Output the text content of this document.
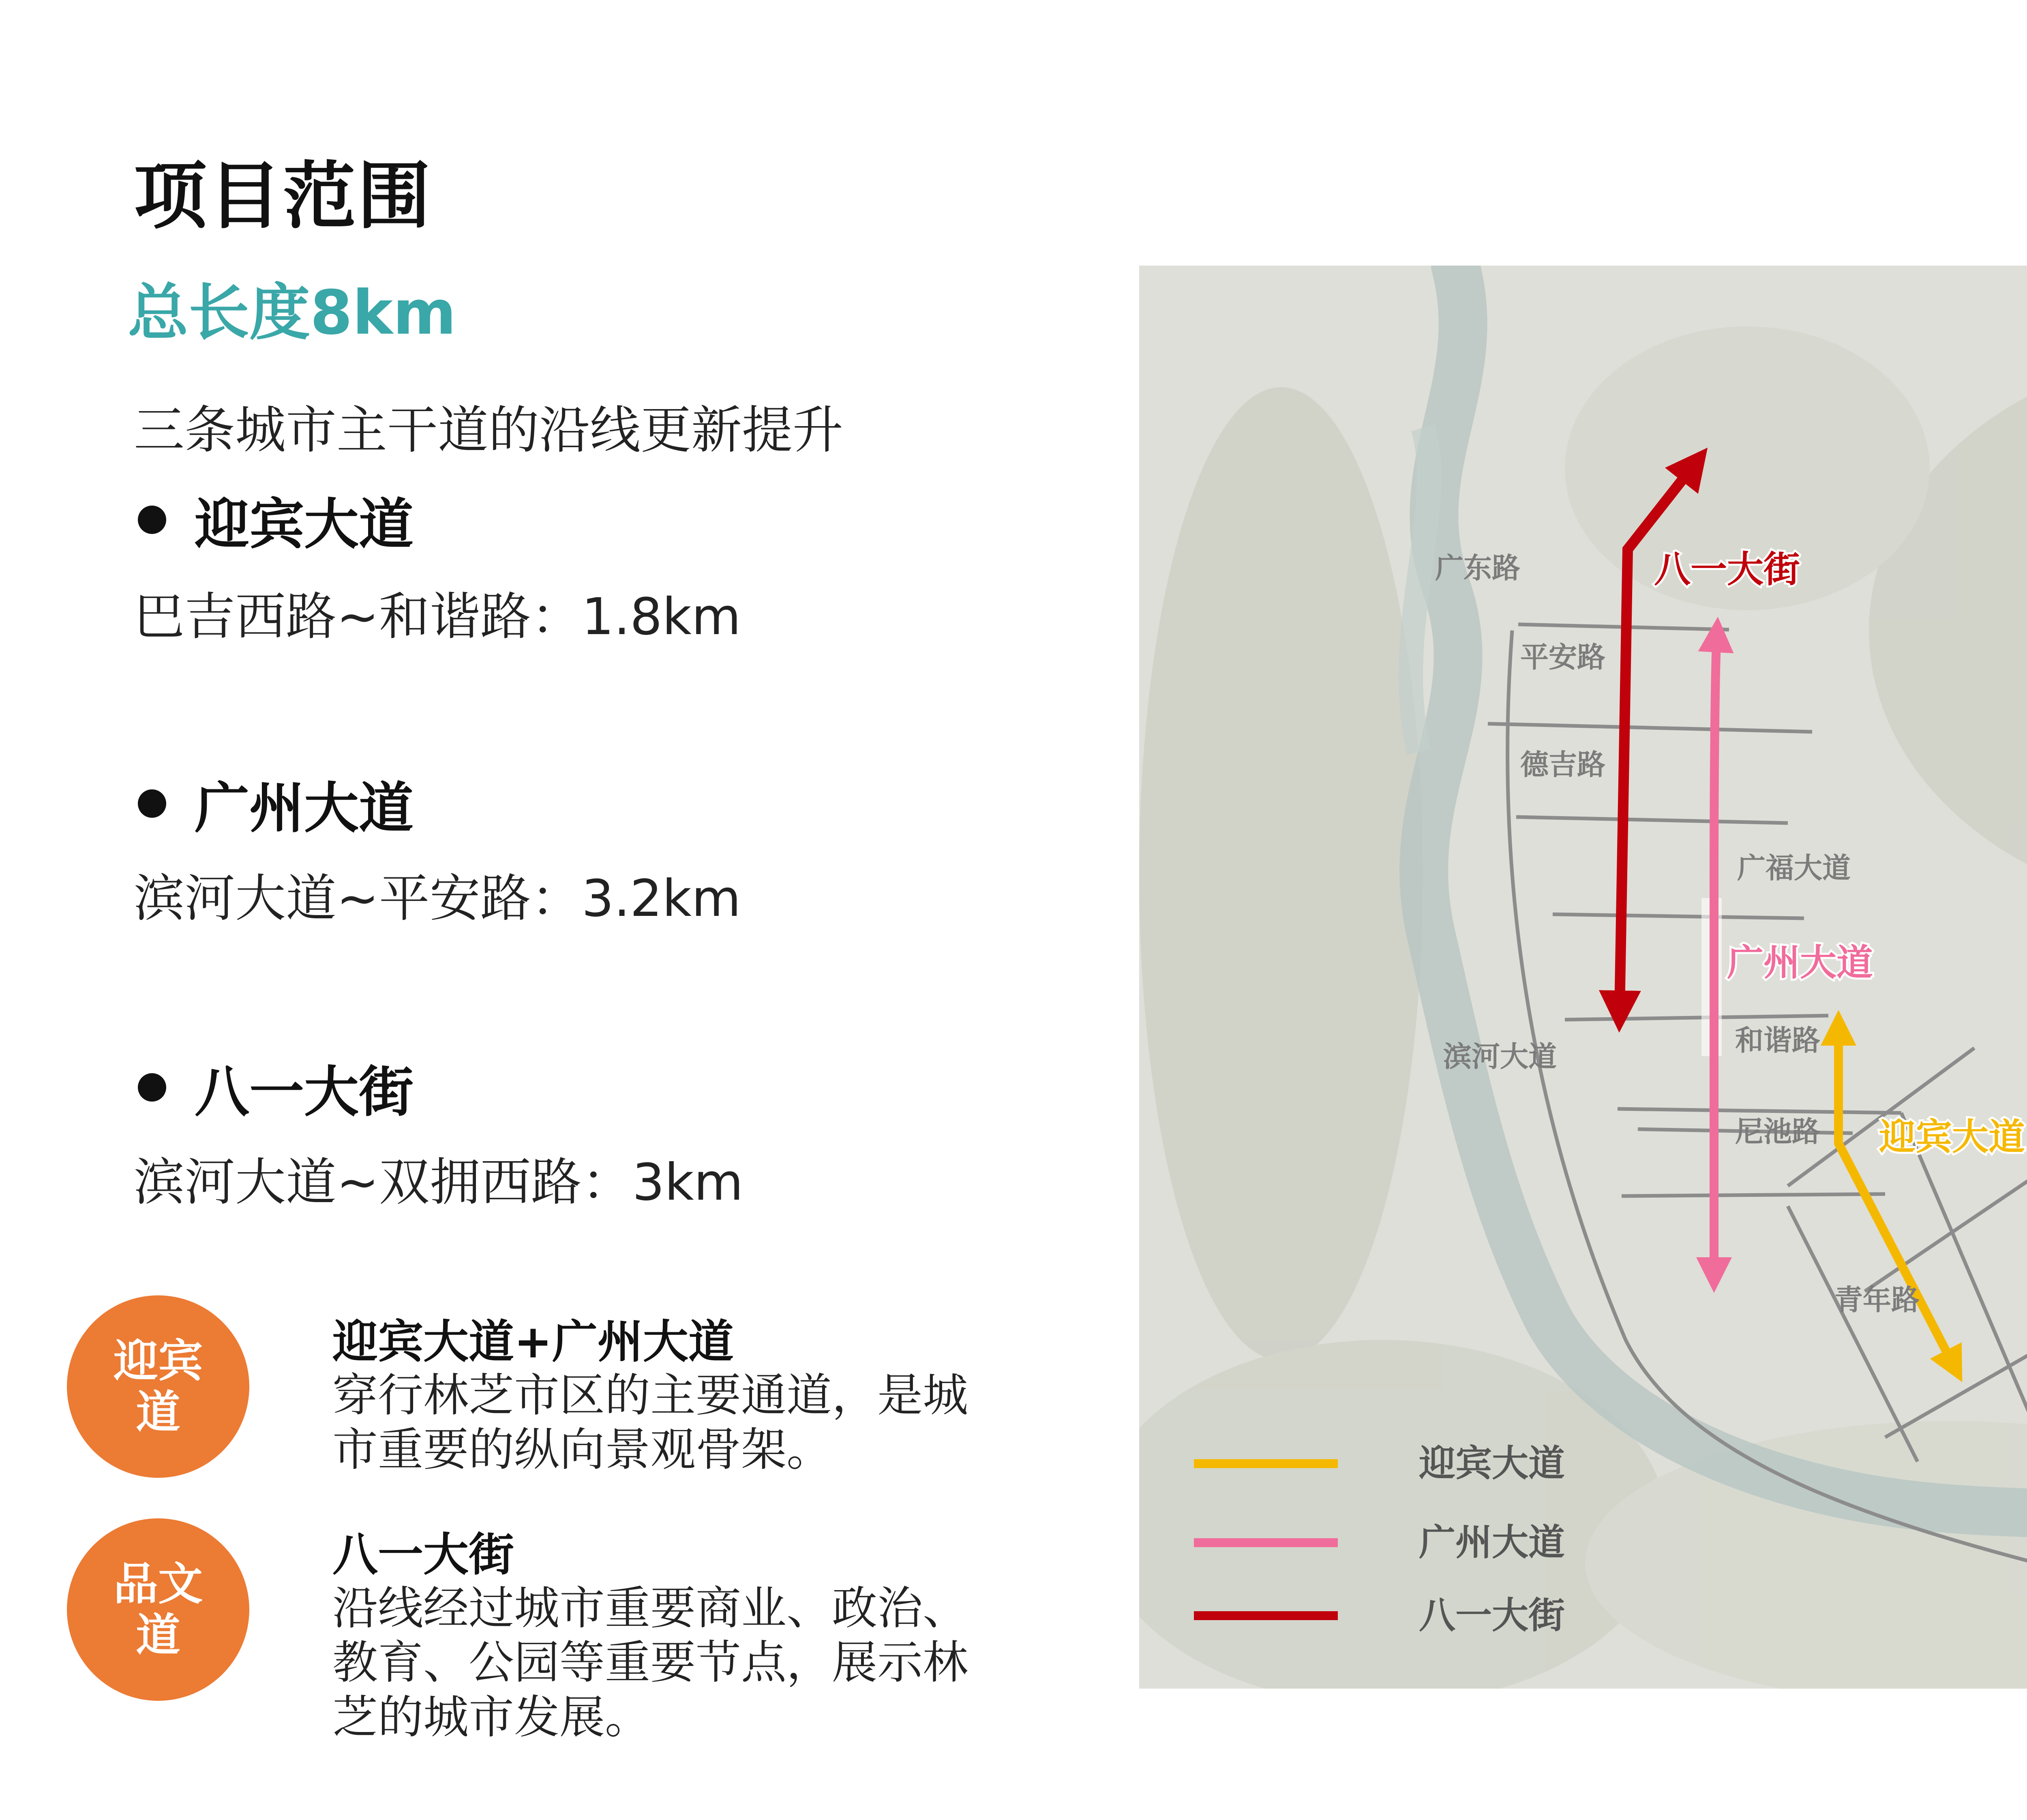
项目范围
总长度8km
三条城市主干道的沿线更新提升
迎宾大道
巴吉西路~和谐路：1.8km
广州大道
滨河大道~平安路：3.2km
八一大街
滨河大道~双拥西路：3km
迎宾
道
迎宾大道+广州大道
穿行林芝市区的主要通道，是城市重要的纵向景观骨架。
品文
道
八一大街
沿线经过城市重要商业、政治、教育、公园等重要节点，展示林芝的城市发展。
广东路
平安路
德吉路
广福大道
滨河大道	和谐路
尼池路
青年路
八一大街
广州大道
迎宾大道
迎宾大道
广州大道
八一大街
